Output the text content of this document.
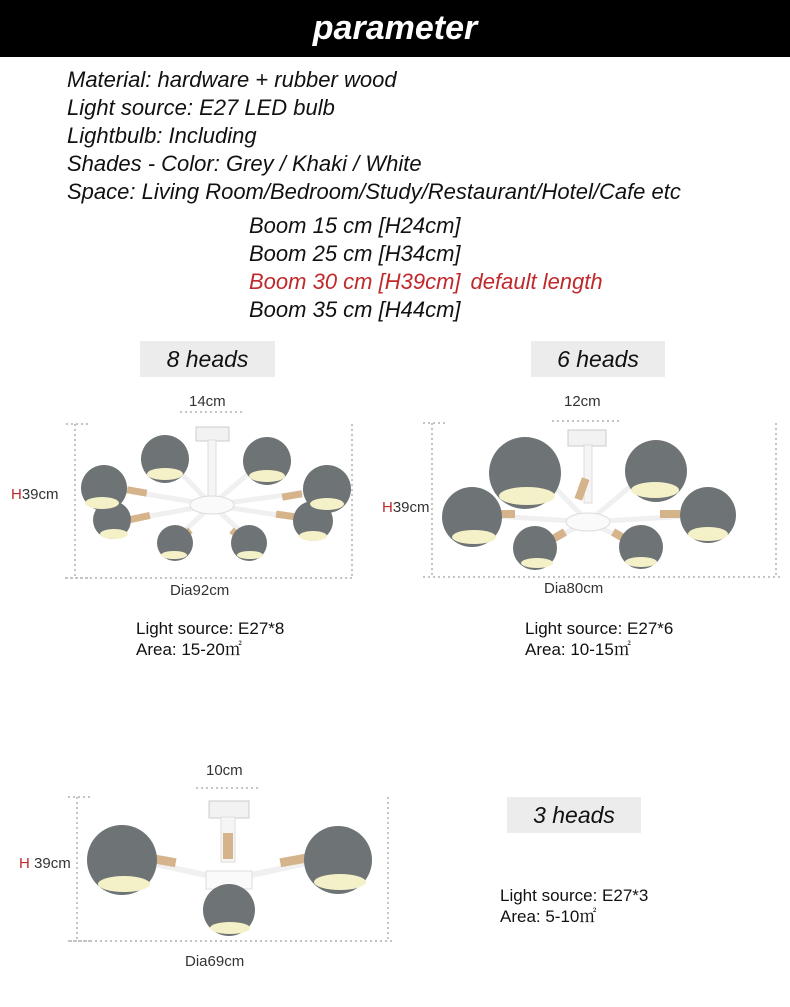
parameter
Material: hardware + rubber wood
Light source: E27 LED bulb
Lightbulb: Including
Shades - Color: Grey / Khaki / White
Space: Living Room/Bedroom/Study/Restaurant/Hotel/Cafe etc
Boom 15 cm [H24cm]
Boom 25 cm [H34cm]
Boom 30 cm [H39cm] default length
Boom 35 cm [H44cm]
8 heads
14cm
H39cm
Dia92cm
Light source: E27*8
Area: 15-20㎡
6 heads
12cm
H39cm
Dia80cm
Light source: E27*6
Area: 10-15㎡
3 heads
10cm
H 39cm
Dia69cm
Light source: E27*3
Area: 5-10㎡
